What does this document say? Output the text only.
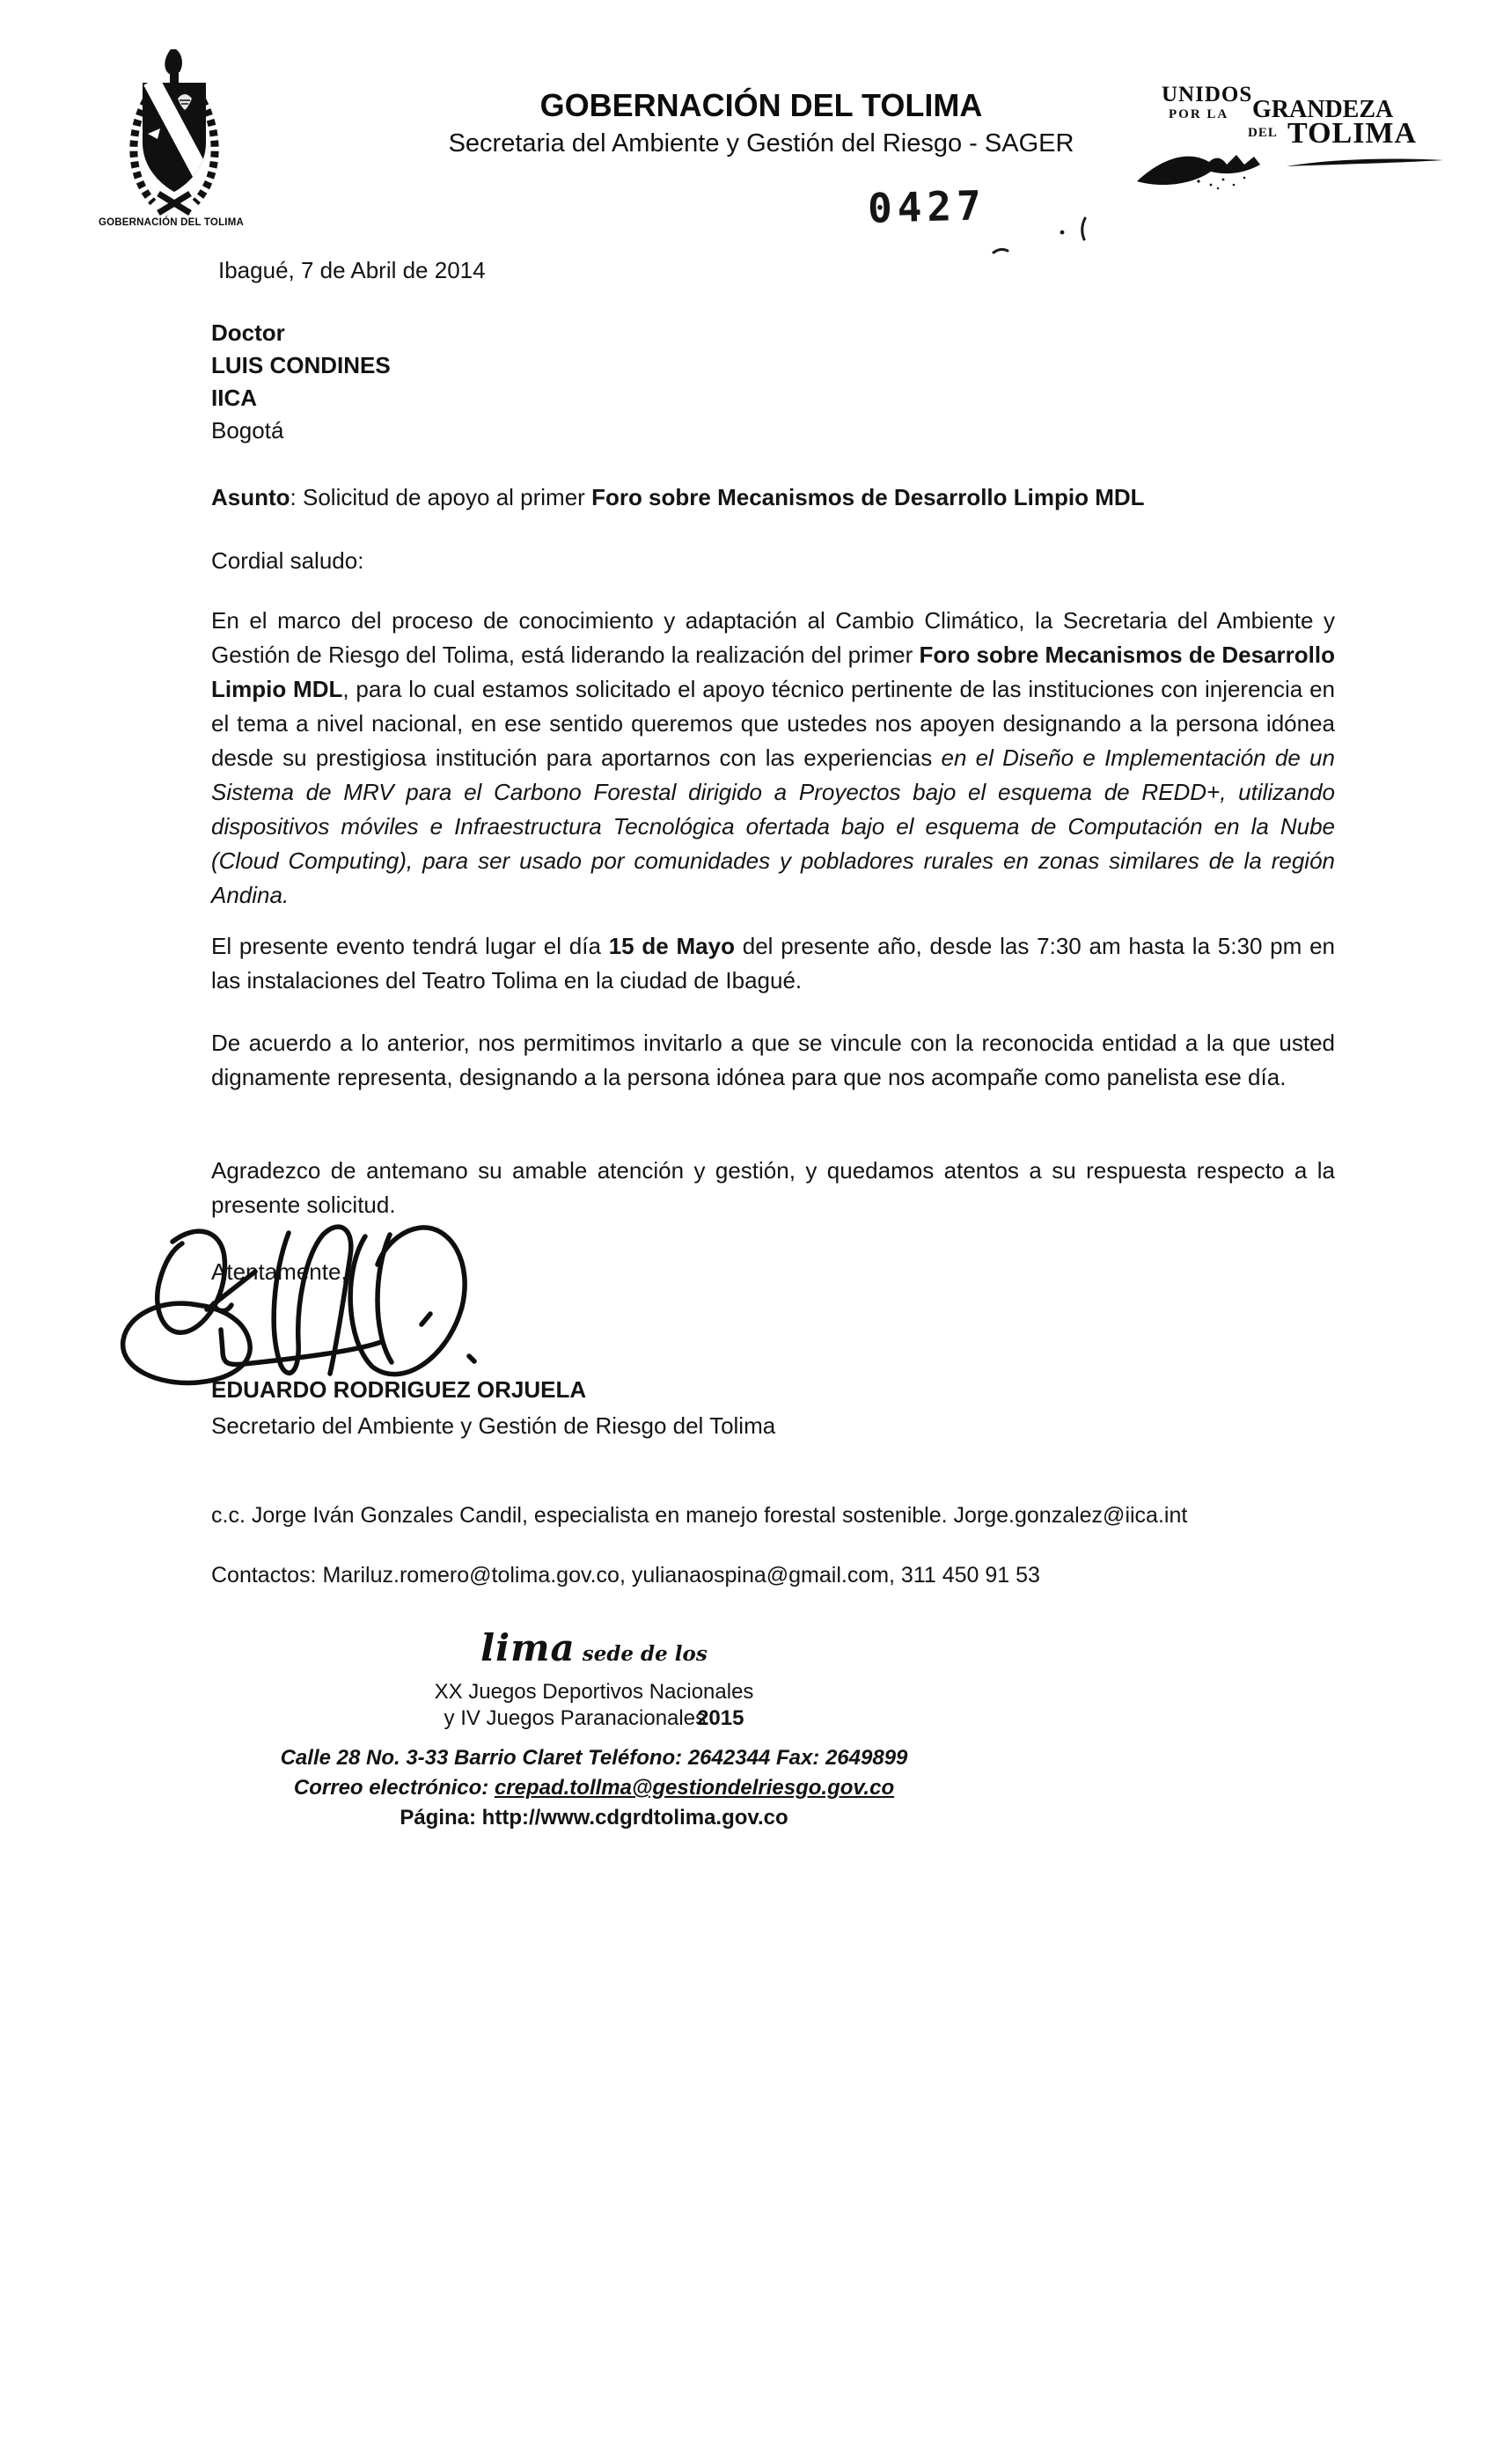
GOBERNACIÓN DEL TOLIMA
GOBERNACIÓN DEL TOLIMA
Secretaria del Ambiente y Gestión del Riesgo - SAGER
UNIDOS
POR LA GRANDEZA
DEL TOLIMA
0427
Ibagué, 7 de Abril de 2014
Doctor
LUIS CONDINES
IICA
Bogotá
Asunto: Solicitud de apoyo al primer Foro sobre Mecanismos de Desarrollo Limpio MDL
Cordial saludo:
En el marco del proceso de conocimiento y adaptación al Cambio Climático, la Secretaria del Ambiente y Gestión de Riesgo del Tolima, está liderando la realización del primer Foro sobre Mecanismos de Desarrollo Limpio MDL, para lo cual estamos solicitado el apoyo técnico pertinente de las instituciones con injerencia en el tema a nivel nacional, en ese sentido queremos que ustedes nos apoyen designando a la persona idónea desde su prestigiosa institución para aportarnos con las experiencias en el Diseño e Implementación de un Sistema de MRV para el Carbono Forestal dirigido a Proyectos bajo el esquema de REDD+, utilizando dispositivos móviles e Infraestructura Tecnológica ofertada bajo el esquema de Computación en la Nube (Cloud Computing), para ser usado por comunidades y pobladores rurales en zonas similares de la región Andina.
El presente evento tendrá lugar el día 15 de Mayo del presente año, desde las 7:30 am hasta la 5:30 pm en las instalaciones del Teatro Tolima en la ciudad de Ibagué.
De acuerdo a lo anterior, nos permitimos invitarlo a que se vincule con la reconocida entidad a la que usted dignamente representa, designando a la persona idónea para que nos acompañe como panelista ese día.
Agradezco de antemano su amable atención y gestión, y quedamos atentos a su respuesta respecto a la presente solicitud.
Atentamente,
EDUARDO RODRIGUEZ ORJUELA
Secretario del Ambiente y Gestión de Riesgo del Tolima
c.c. Jorge Iván Gonzales Candil, especialista en manejo forestal sostenible. Jorge.gonzalez@iica.int
Contactos: Mariluz.romero@tolima.gov.co, yulianaospina@gmail.com, 311 450 91 53
lima sede de los
XX Juegos Deportivos Nacionales
y IV Juegos Paranacionales2015
Calle 28 No. 3-33 Barrio Claret Teléfono: 2642344 Fax: 2649899
Correo electrónico: crepad.tollma@gestiondelriesgo.gov.co
Página: http://www.cdgrdtolima.gov.co
